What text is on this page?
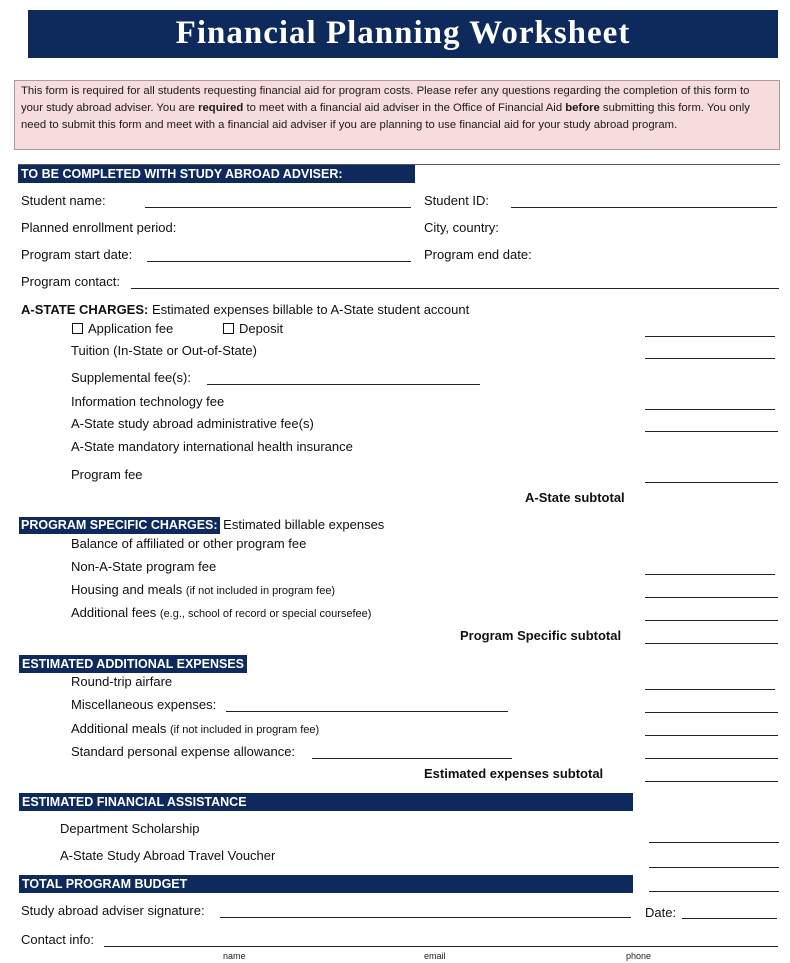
Financial Planning Worksheet
This form is required for all students requesting financial aid for program costs. Please refer any questions regarding the completion of this form to your study abroad adviser. You are required to meet with a financial aid adviser in the Office of Financial Aid before submitting this form. You only need to submit this form and meet with a financial aid adviser if you are planning to use financial aid for your study abroad program.
TO BE COMPLETED WITH STUDY ABROAD ADVISER:
Student name:	Student ID:
Planned enrollment period:	City, country:
Program start date:	Program end date:
Program contact:
A-STATE CHARGES: Estimated expenses billable to A-State student account
Application fee	Deposit
Tuition (In-State or Out-of-State)
Supplemental fee(s):
Information technology fee
A-State study abroad administrative fee(s)
A-State mandatory international health insurance
Program fee
A-State subtotal
PROGRAM SPECIFIC CHARGES: Estimated billable expenses
Balance of affiliated or other program fee
Non-A-State program fee
Housing and meals (if not included in program fee)
Additional fees (e.g., school of record or special coursefee)
Program Specific subtotal
ESTIMATED ADDITIONAL EXPENSES
Round-trip airfare
Miscellaneous expenses:
Additional meals (if not included in program fee)
Standard personal expense allowance:
Estimated expenses subtotal
ESTIMATED FINANCIAL ASSISTANCE
Department Scholarship
A-State Study Abroad Travel Voucher
TOTAL PROGRAM BUDGET
Study abroad adviser signature:	Date:
Contact info:
name	email	phone
